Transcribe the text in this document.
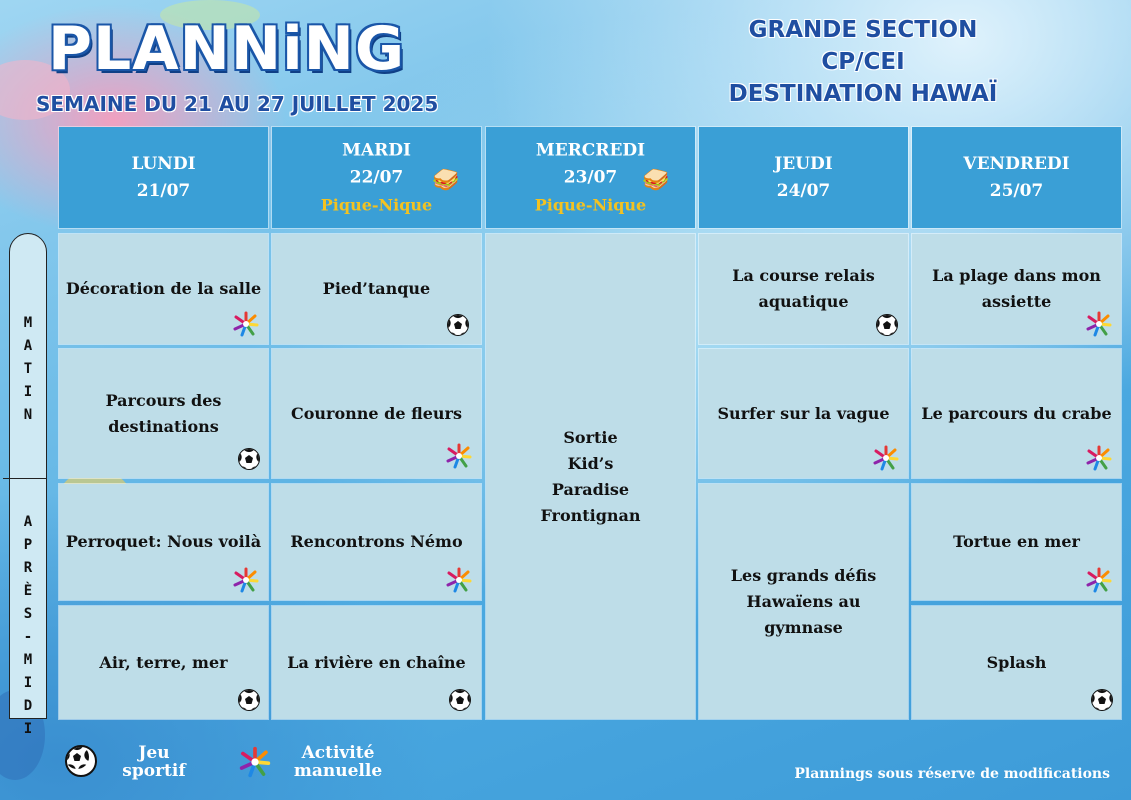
PLANNiNG
SEMAINE DU 21 AU 27 JUILLET 2025
GRANDE SECTION
CP/CEI
DESTINATION HAWAÏ
LUNDI
21/07
MARDI
22/07
Pique-Nique
🥪
MERCREDI
23/07
Pique-Nique
🥪
JEUDI
24/07
VENDREDI
25/07
M
A
T
I
N
A
P
R
È
S
-
M
I
D
I
Décoration de la salle
Parcours des destinations
Perroquet: Nous voilà
Air, terre, mer
Pied’tanque
Couronne de fleurs
Rencontrons Némo
La rivière en chaîne
Sortie
Kid’s
Paradise
Frontignan
La course relais aquatique
Surfer sur la vague
Les grands défis Hawaïens au gymnase
La plage dans mon assiette
Le parcours du crabe
Tortue en mer
Splash
Jeu
sportif
Activité
manuelle	Plannings sous réserve de modifications
